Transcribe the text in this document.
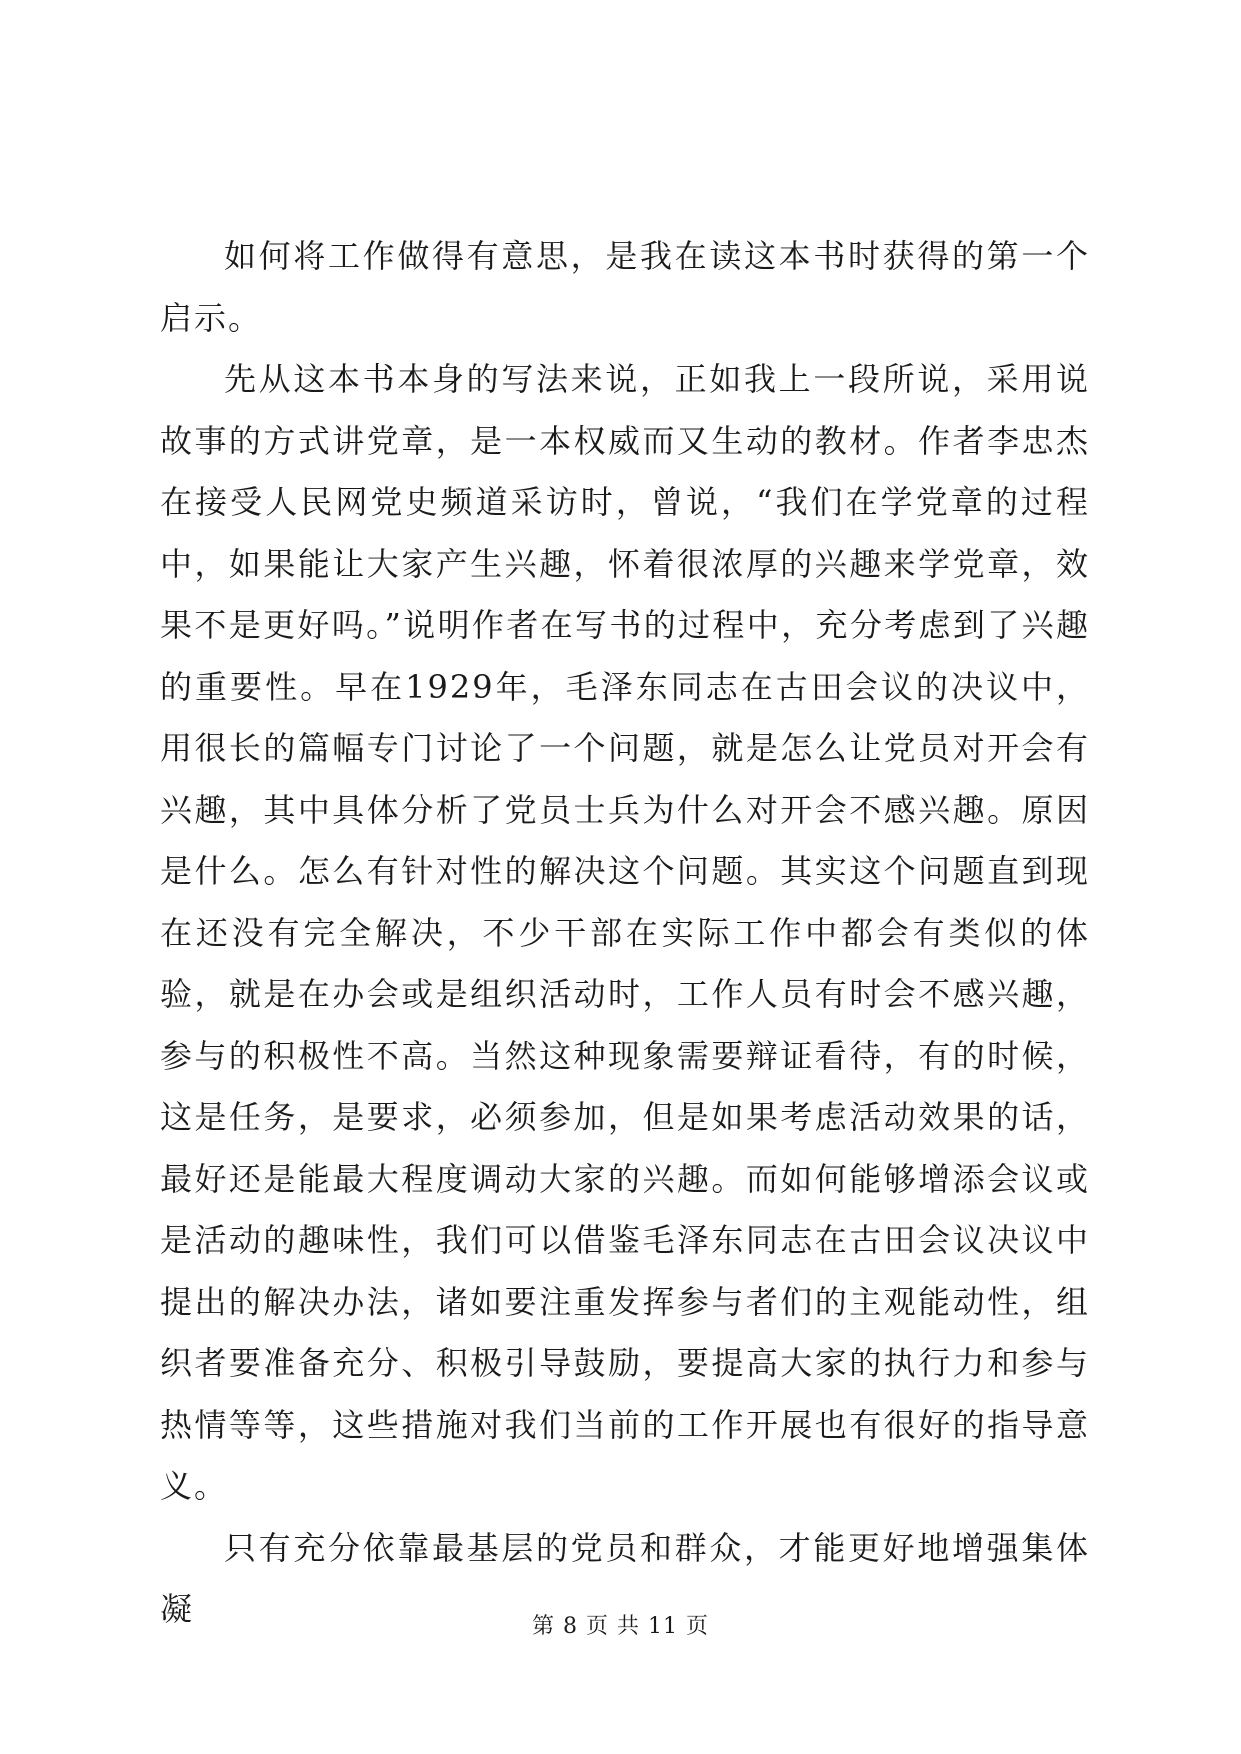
如何将工作做得有意思，是我在读这本书时获得的第一个启示。

先从这本书本身的写法来说，正如我上一段所说，采用说故事的方式讲党章，是一本权威而又生动的教材。作者李忠杰在接受人民网党史频道采访时，曾说，“我们在学党章的过程中，如果能让大家产生兴趣，怀着很浓厚的兴趣来学党章，效果不是更好吗。”说明作者在写书的过程中，充分考虑到了兴趣的重要性。早在1929年，毛泽东同志在古田会议的决议中，用很长的篇幅专门讨论了一个问题，就是怎么让党员对开会有兴趣，其中具体分析了党员士兵为什么对开会不感兴趣。原因是什么。怎么有针对性的解决这个问题。其实这个问题直到现在还没有完全解决，不少干部在实际工作中都会有类似的体验，就是在办会或是组织活动时，工作人员有时会不感兴趣，参与的积极性不高。当然这种现象需要辩证看待，有的时候，这是任务，是要求，必须参加，但是如果考虑活动效果的话，最好还是能最大程度调动大家的兴趣。而如何能够增添会议或是活动的趣味性，我们可以借鉴毛泽东同志在古田会议决议中提出的解决办法，诸如要注重发挥参与者们的主观能动性，组织者要准备充分、积极引导鼓励，要提高大家的执行力和参与热情等等，这些措施对我们当前的工作开展也有很好的指导意义。

只有充分依靠最基层的党员和群众，才能更好地增强集体凝	第 8 页 共 11 页
